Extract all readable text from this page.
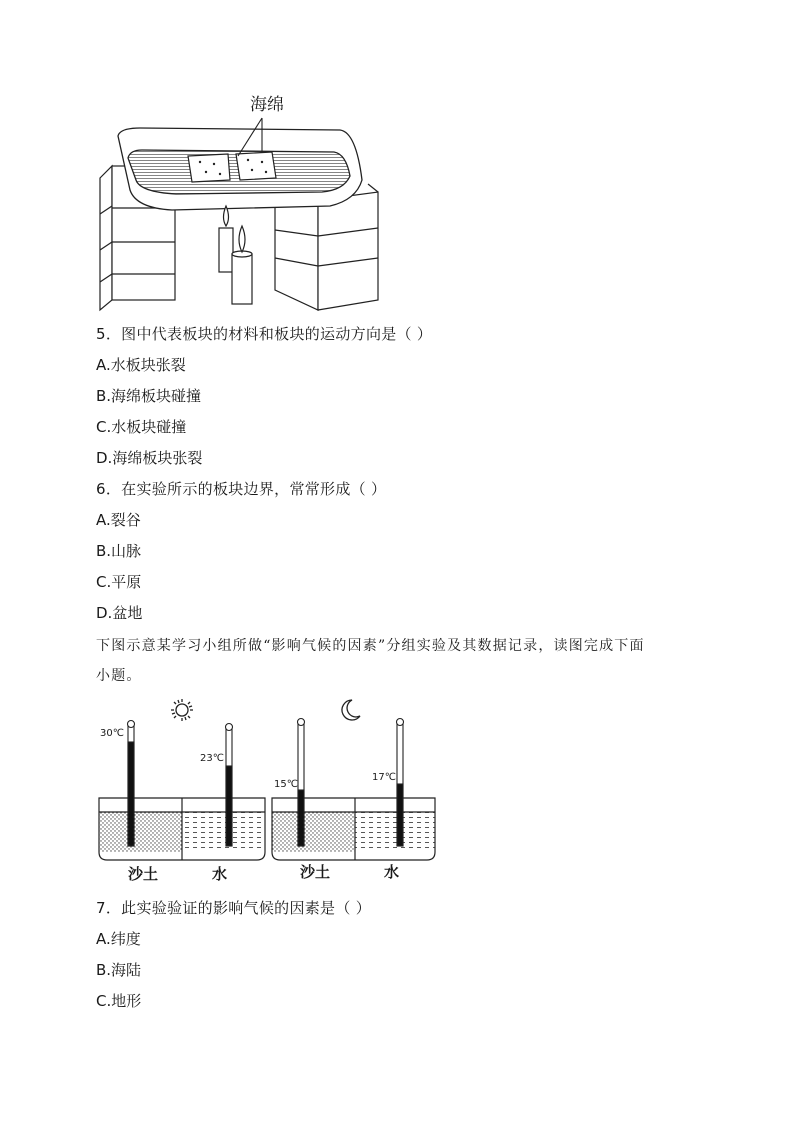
海绵
5．图中代表板块的材料和板块的运动方向是（ ）
A.水板块张裂
B.海绵板块碰撞
C.水板块碰撞
D.海绵板块张裂
6．在实验所示的板块边界，常常形成（ ）
A.裂谷
B.山脉
C.平原
D.盆地
下图示意某学习小组所做“影响气候的因素”分组实验及其数据记录，读图完成下面
小题。
30℃
23℃
15℃
17℃
沙土	水	沙土	水
7．此实验验证的影响气候的因素是（ ）
A.纬度
B.海陆
C.地形
